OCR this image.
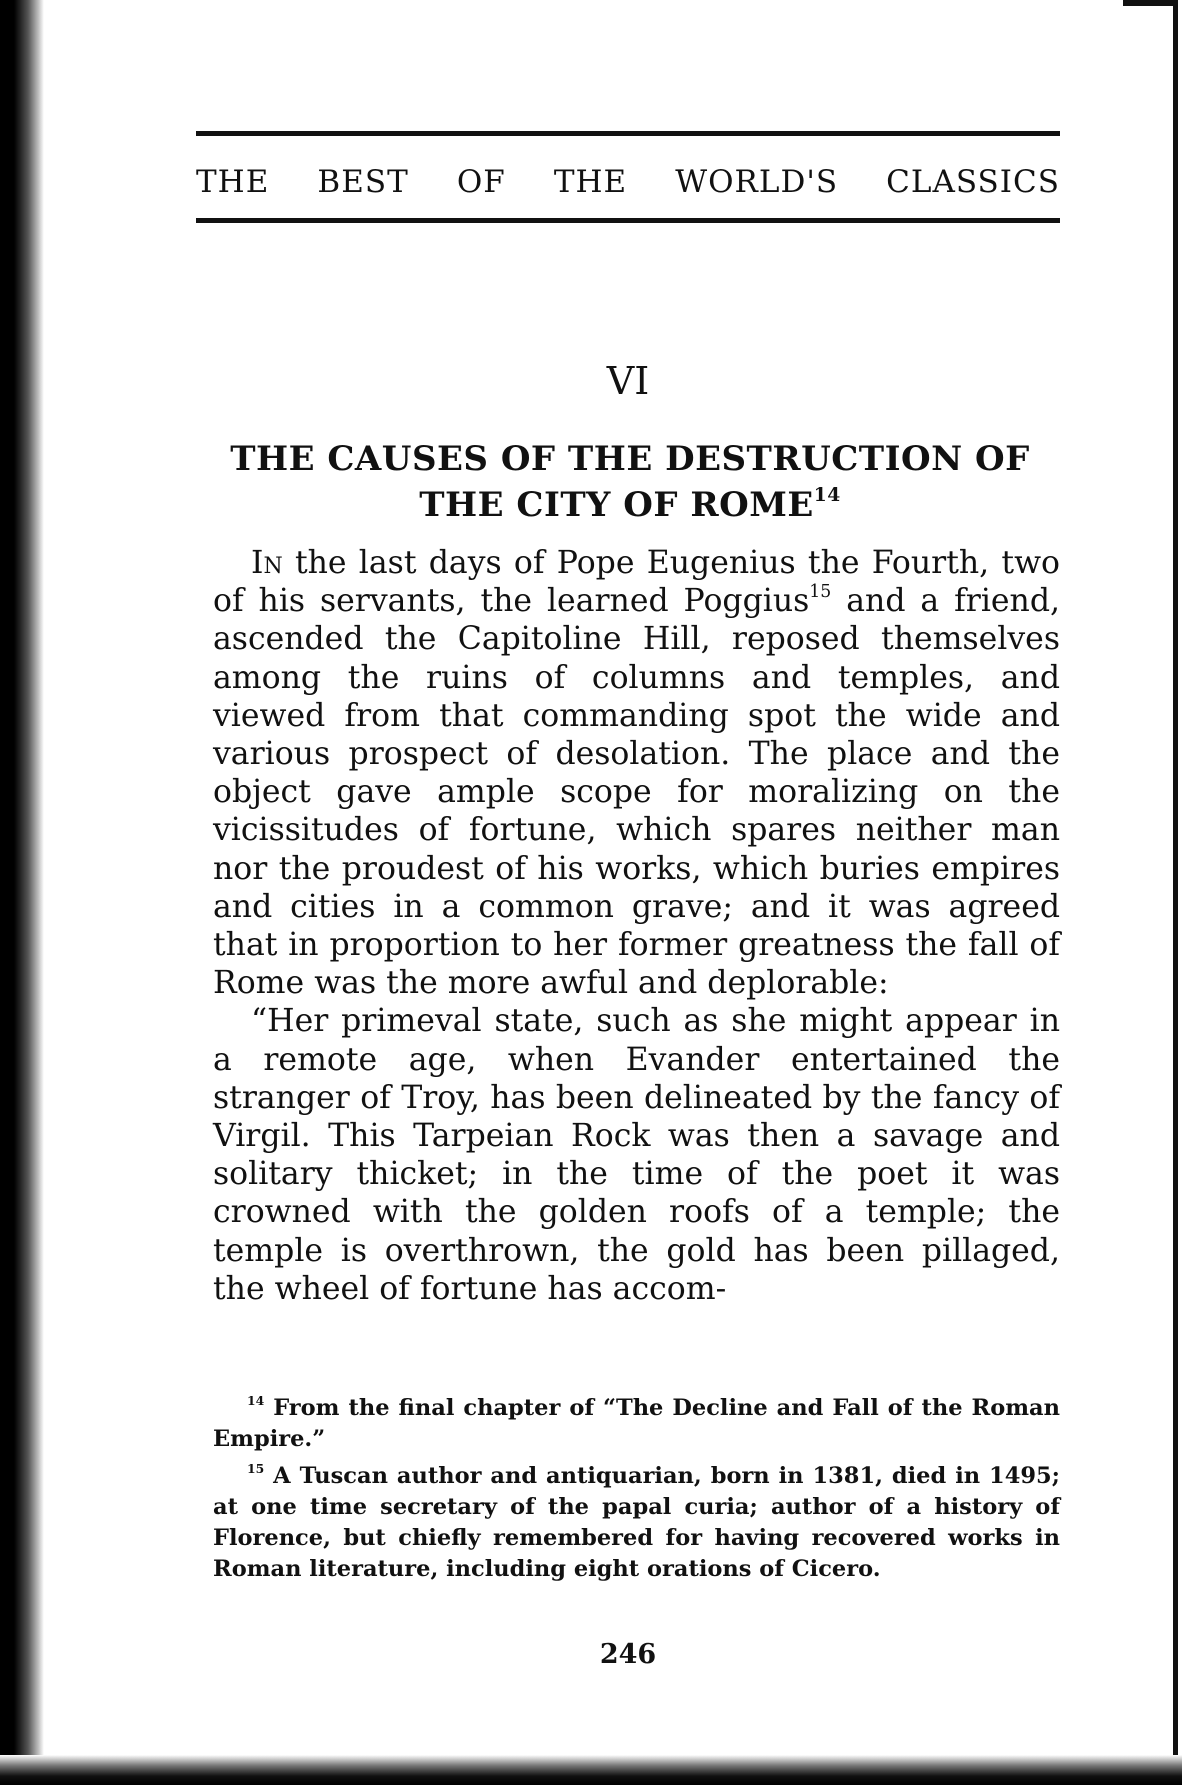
THE BEST OF THE WORLD'S CLASSICS
VI
THE CAUSES OF THE DESTRUCTION OF
THE CITY OF ROME$^{14}$

In the last days of Pope Eugenius the Fourth, two of his servants, the learned Poggius$^{15}$ and a friend, ascended the Capitoline Hill, reposed themselves among the ruins of columns and temples, and viewed from that commanding spot the wide and various prospect of desolation. The place and the object gave ample scope for moralizing on the vicissitudes of fortune, which spares neither man nor the proudest of his works, which buries empires and cities in a common grave; and it was agreed that in proportion to her former greatness the fall of Rome was the more awful and deplorable:

“Her primeval state, such as she might appear in a remote age, when Evander entertained the stranger of Troy, has been delineated by the fancy of Virgil. This Tarpeian Rock was then a savage and solitary thicket; in the time of the poet it was crowned with the golden roofs of a temple; the temple is overthrown, the gold has been pillaged, the wheel of fortune has accom-

$^{14}$ From the final chapter of “The Decline and Fall of the Roman Empire.”

$^{15}$ A Tuscan author and antiquarian, born in 1381, died in 1495; at one time secretary of the papal curia; author of a history of Florence, but chiefly remembered for having recovered works in Roman literature, including eight orations of Cicero.

246
